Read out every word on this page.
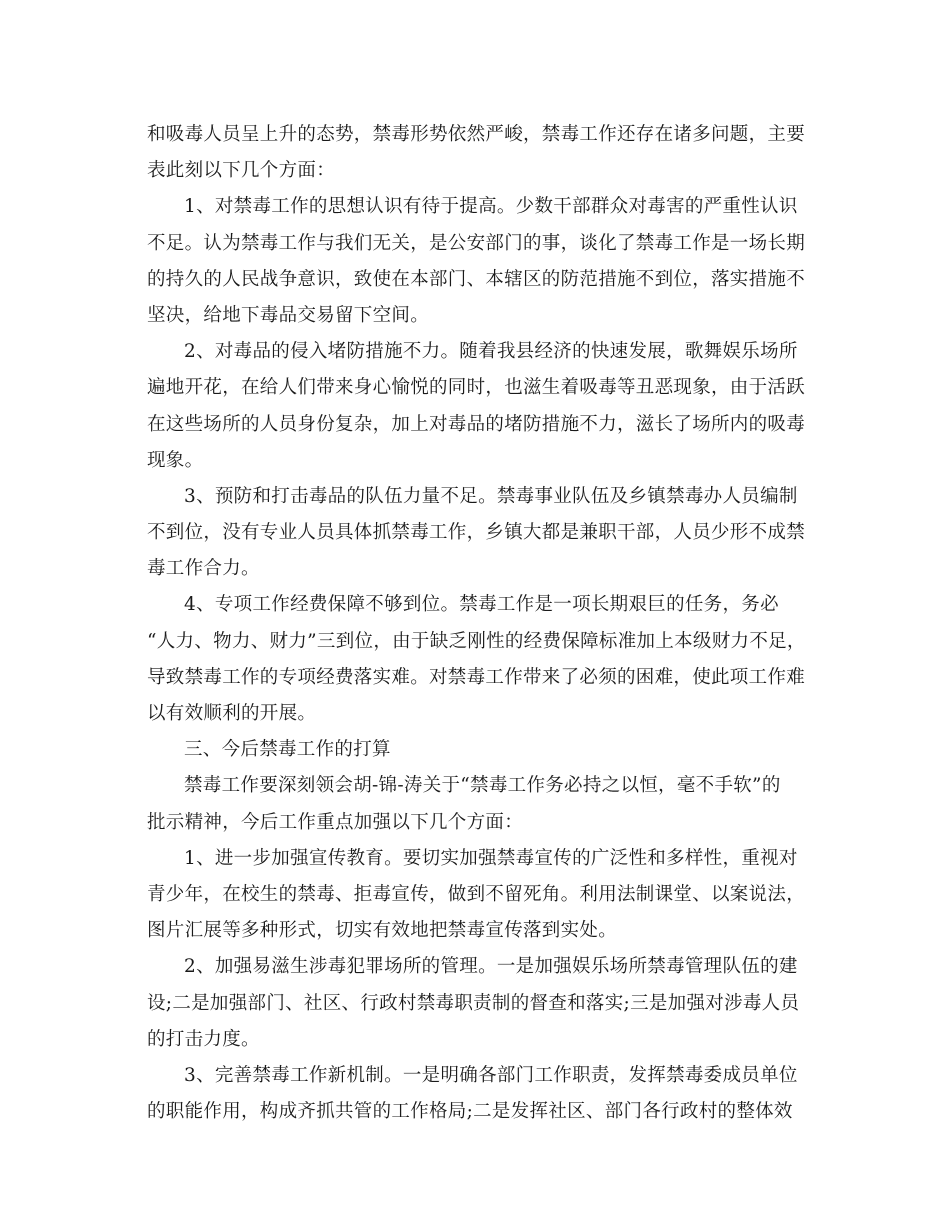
和吸毒人员呈上升的态势，禁毒形势依然严峻，禁毒工作还存在诸多问题，主要
表此刻以下几个方面：
1、对禁毒工作的思想认识有待于提高。少数干部群众对毒害的严重性认识
不足。认为禁毒工作与我们无关，是公安部门的事，谈化了禁毒工作是一场长期
的持久的人民战争意识，致使在本部门、本辖区的防范措施不到位，落实措施不
坚决，给地下毒品交易留下空间。
2、对毒品的侵入堵防措施不力。随着我县经济的快速发展，歌舞娱乐场所
遍地开花，在给人们带来身心愉悦的同时，也滋生着吸毒等丑恶现象，由于活跃
在这些场所的人员身份复杂，加上对毒品的堵防措施不力，滋长了场所内的吸毒
现象。
3、预防和打击毒品的队伍力量不足。禁毒事业队伍及乡镇禁毒办人员编制
不到位，没有专业人员具体抓禁毒工作，乡镇大都是兼职干部，人员少形不成禁
毒工作合力。
4、专项工作经费保障不够到位。禁毒工作是一项长期艰巨的任务，务必
“人力、物力、财力”三到位，由于缺乏刚性的经费保障标准加上本级财力不足，
导致禁毒工作的专项经费落实难。对禁毒工作带来了必须的困难，使此项工作难
以有效顺利的开展。
三、今后禁毒工作的打算
禁毒工作要深刻领会胡-锦-涛关于“禁毒工作务必持之以恒，毫不手软”的
批示精神，今后工作重点加强以下几个方面：
1、进一步加强宣传教育。要切实加强禁毒宣传的广泛性和多样性，重视对
青少年，在校生的禁毒、拒毒宣传，做到不留死角。利用法制课堂、以案说法，
图片汇展等多种形式，切实有效地把禁毒宣传落到实处。
2、加强易滋生涉毒犯罪场所的管理。一是加强娱乐场所禁毒管理队伍的建
设;二是加强部门、社区、行政村禁毒职责制的督查和落实;三是加强对涉毒人员
的打击力度。
3、完善禁毒工作新机制。一是明确各部门工作职责，发挥禁毒委成员单位
的职能作用，构成齐抓共管的工作格局;二是发挥社区、部门各行政村的整体效
